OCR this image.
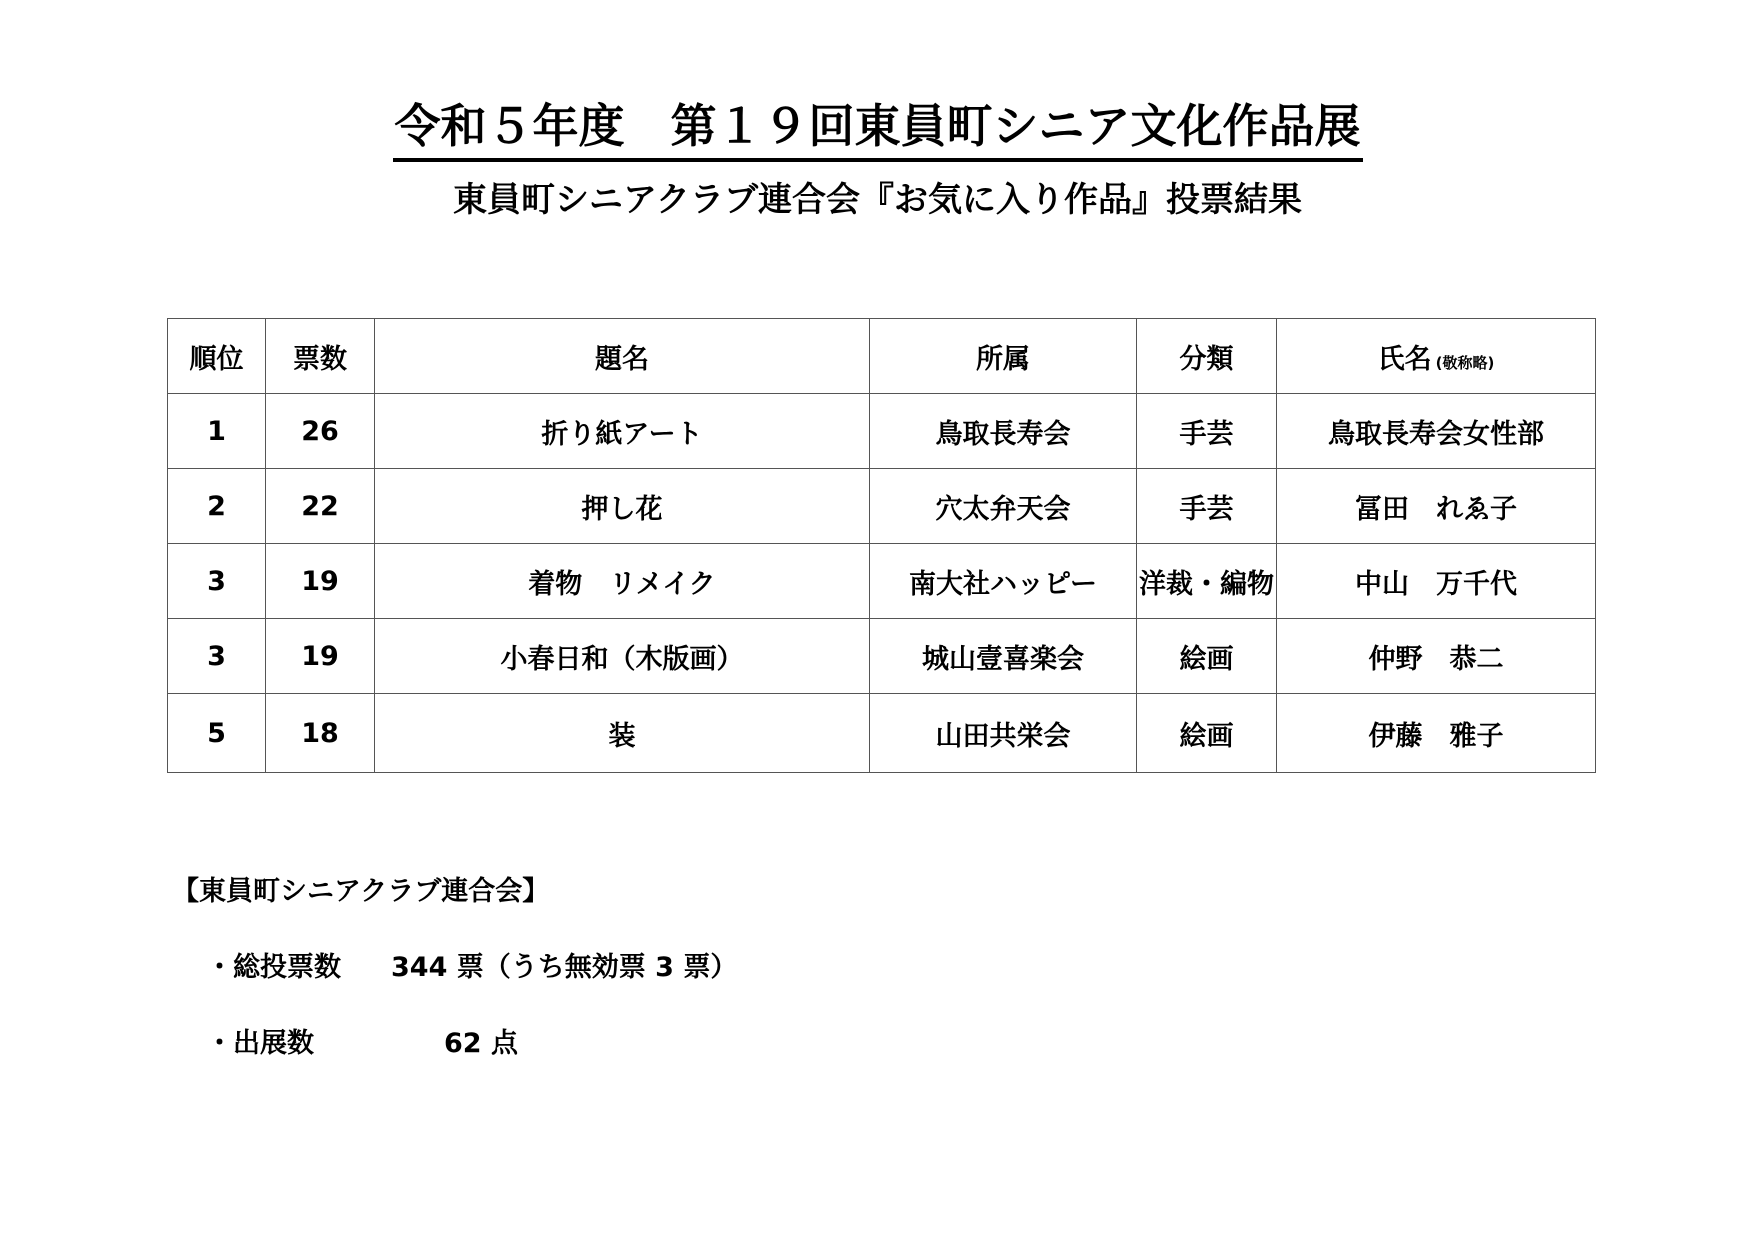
令和５年度　第１９回東員町シニア文化作品展
東員町シニアクラブ連合会『お気に入り作品』投票結果
順位	票数	題名	所属	分類	氏名 (敬称略)
1	26	折り紙アート	鳥取長寿会	手芸	鳥取長寿会女性部
2	22	押し花	穴太弁天会	手芸	冨田　れゑ子
3	19	着物　リメイク	南大社ハッピー	洋裁・編物	中山　万千代
3	19	小春日和（木版画）	城山壹喜楽会	絵画	仲野　恭二
5	18	装	山田共栄会	絵画	伊藤　雅子

【東員町シニアクラブ連合会】

・総投票数 344 票（うち無効票 3 票）

・出展数	62 点
